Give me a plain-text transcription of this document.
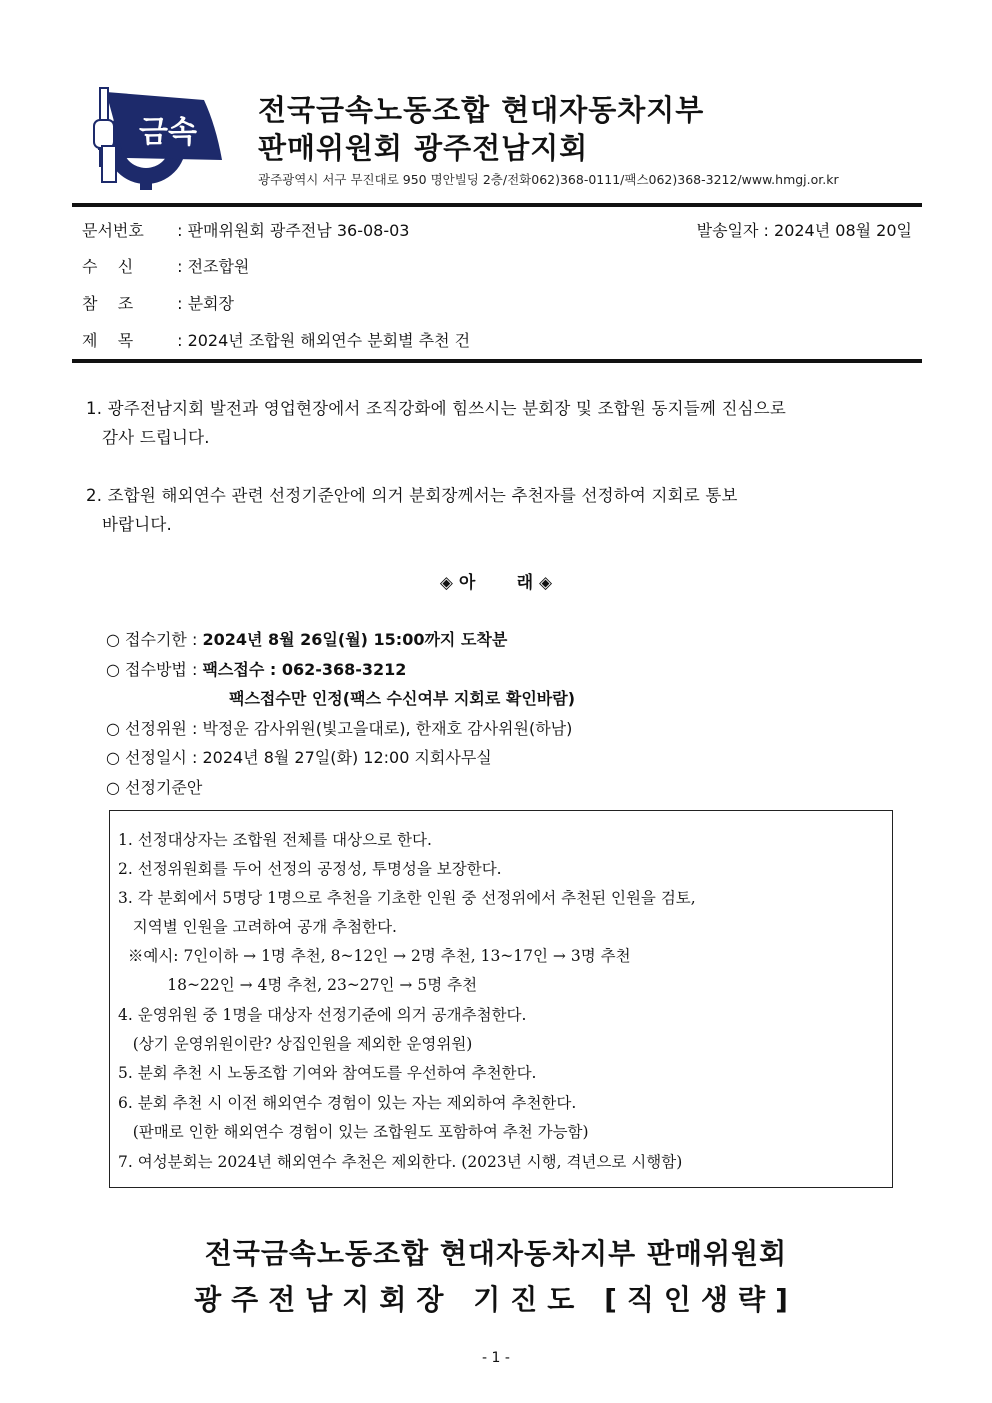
금속
전국금속노동조합 현대자동차지부
판매위원회 광주전남지회
광주광역시 서구 무진대로 950 명안빌딩 2층/전화062)368-0111/팩스062)368-3212/www.hmgj.or.kr
문서번호 : 판매위원회 광주전남 36-08-03	발송일자 : 2024년 08월 20일
수    신 : 전조합원
참    조 : 분회장
제    목 : 2024년 조합원 해외연수 분회별 추천 건
1. 광주전남지회 발전과 영업현장에서 조직강화에 힘쓰시는 분회장 및 조합원 동지들께 진심으로
감사 드립니다.
2. 조합원 해외연수 관련 선정기준안에 의거 분회장께서는 추천자를 선정하여 지회로 통보
바랍니다.
◈ 아       래 ◈
○ 접수기한 : 2024년 8월 26일(월) 15:00까지 도착분
○ 접수방법 : 팩스접수 : 062-368-3212
팩스접수만 인정(팩스 수신여부 지회로 확인바람)
○ 선정위원 : 박정운 감사위원(빛고을대로), 한재호 감사위원(하남)
○ 선정일시 : 2024년 8월 27일(화) 12:00 지회사무실
○ 선정기준안
1. 선정대상자는 조합원 전체를 대상으로 한다.
2. 선정위원회를 두어 선정의 공정성, 투명성을 보장한다.
3. 각 분회에서 5명당 1명으로 추천을 기초한 인원 중 선정위에서 추천된 인원을 검토,
지역별 인원을 고려하여 공개 추첨한다.
※예시: 7인이하 → 1명 추천, 8~12인 → 2명 추천, 13~17인 → 3명 추천
18~22인 → 4명 추천, 23~27인 → 5명 추천
4. 운영위원 중 1명을 대상자 선정기준에 의거 공개추첨한다.
(상기 운영위원이란? 상집인원을 제외한 운영위원)
5. 분회 추천 시 노동조합 기여와 참여도를 우선하여 추천한다.
6. 분회 추천 시 이전 해외연수 경험이 있는 자는 제외하여 추천한다.
(판매로 인한 해외연수 경험이 있는 조합원도 포함하여 추천 가능함)
7. 여성분회는 2024년 해외연수 추천은 제외한다. (2023년 시행, 격년으로 시행함)
전국금속노동조합 현대자동차지부 판매위원회
광주전남지회장 기진도 [직인생략]
- 1 -
